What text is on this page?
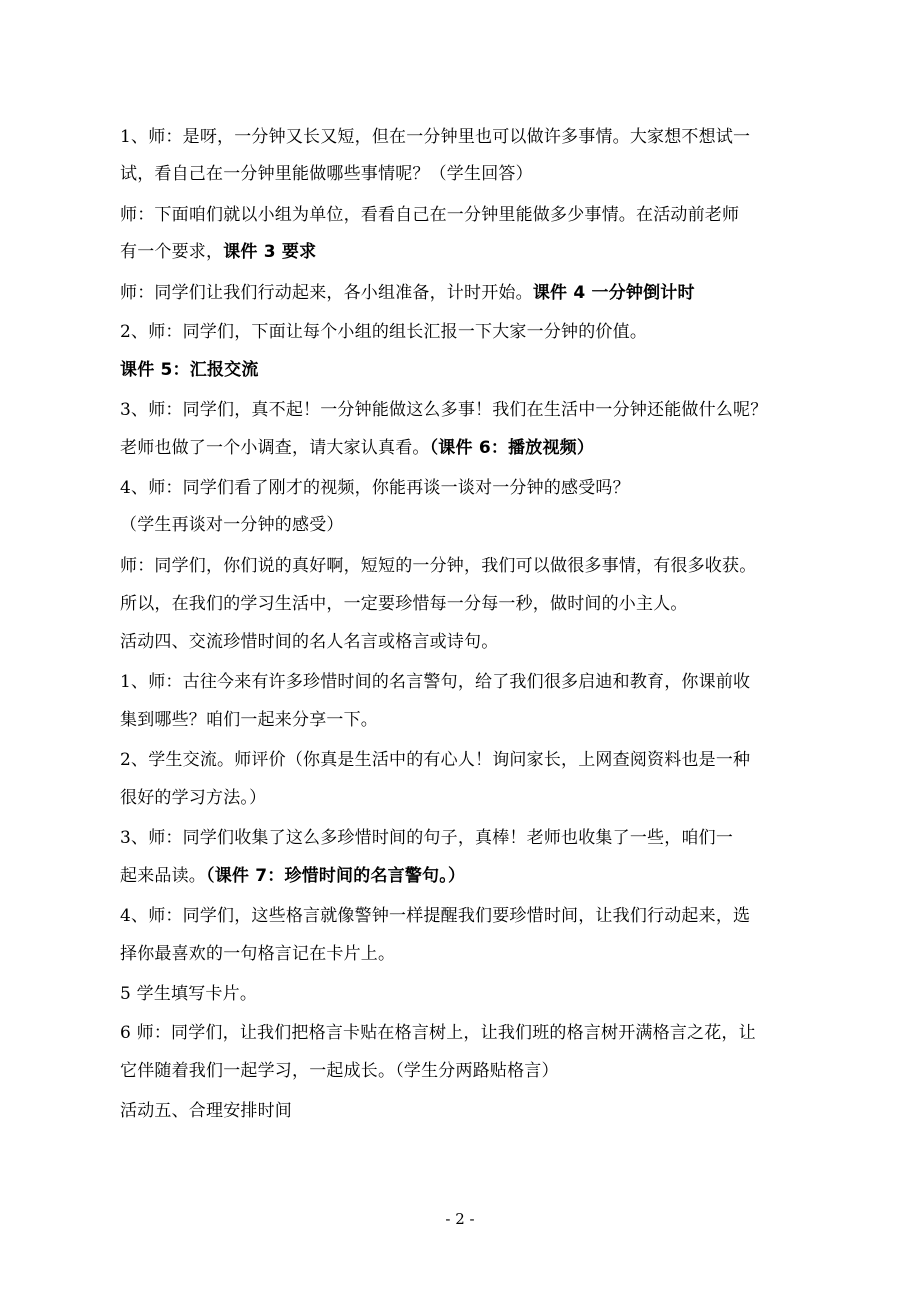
1、师：是呀，一分钟又长又短，但在一分钟里也可以做许多事情。大家想不想试一
试，看自己在一分钟里能做哪些事情呢？（学生回答）
师：下面咱们就以小组为单位，看看自己在一分钟里能做多少事情。在活动前老师
有一个要求，课件 3 要求
师：同学们让我们行动起来，各小组准备，计时开始。课件 4 一分钟倒计时
2、师：同学们，下面让每个小组的组长汇报一下大家一分钟的价值。
课件 5：汇报交流
3、师：同学们，真不起！一分钟能做这么多事！我们在生活中一分钟还能做什么呢？
老师也做了一个小调查，请大家认真看。（课件 6：播放视频）
4、师：同学们看了刚才的视频，你能再谈一谈对一分钟的感受吗？
（学生再谈对一分钟的感受）
师：同学们，你们说的真好啊，短短的一分钟，我们可以做很多事情，有很多收获。
所以，在我们的学习生活中，一定要珍惜每一分每一秒，做时间的小主人。
活动四、交流珍惜时间的名人名言或格言或诗句。
1、师：古往今来有许多珍惜时间的名言警句，给了我们很多启迪和教育，你课前收
集到哪些？咱们一起来分享一下。
2、学生交流。师评价（你真是生活中的有心人！询问家长，上网查阅资料也是一种
很好的学习方法。）
3、师：同学们收集了这么多珍惜时间的句子，真棒！老师也收集了一些，咱们一
起来品读。（课件 7：珍惜时间的名言警句。）
4、师：同学们，这些格言就像警钟一样提醒我们要珍惜时间，让我们行动起来，选
择你最喜欢的一句格言记在卡片上。
5 学生填写卡片。
6 师：同学们，让我们把格言卡贴在格言树上，让我们班的格言树开满格言之花，让
它伴随着我们一起学习，一起成长。（学生分两路贴格言）
活动五、合理安排时间
- 2 -
